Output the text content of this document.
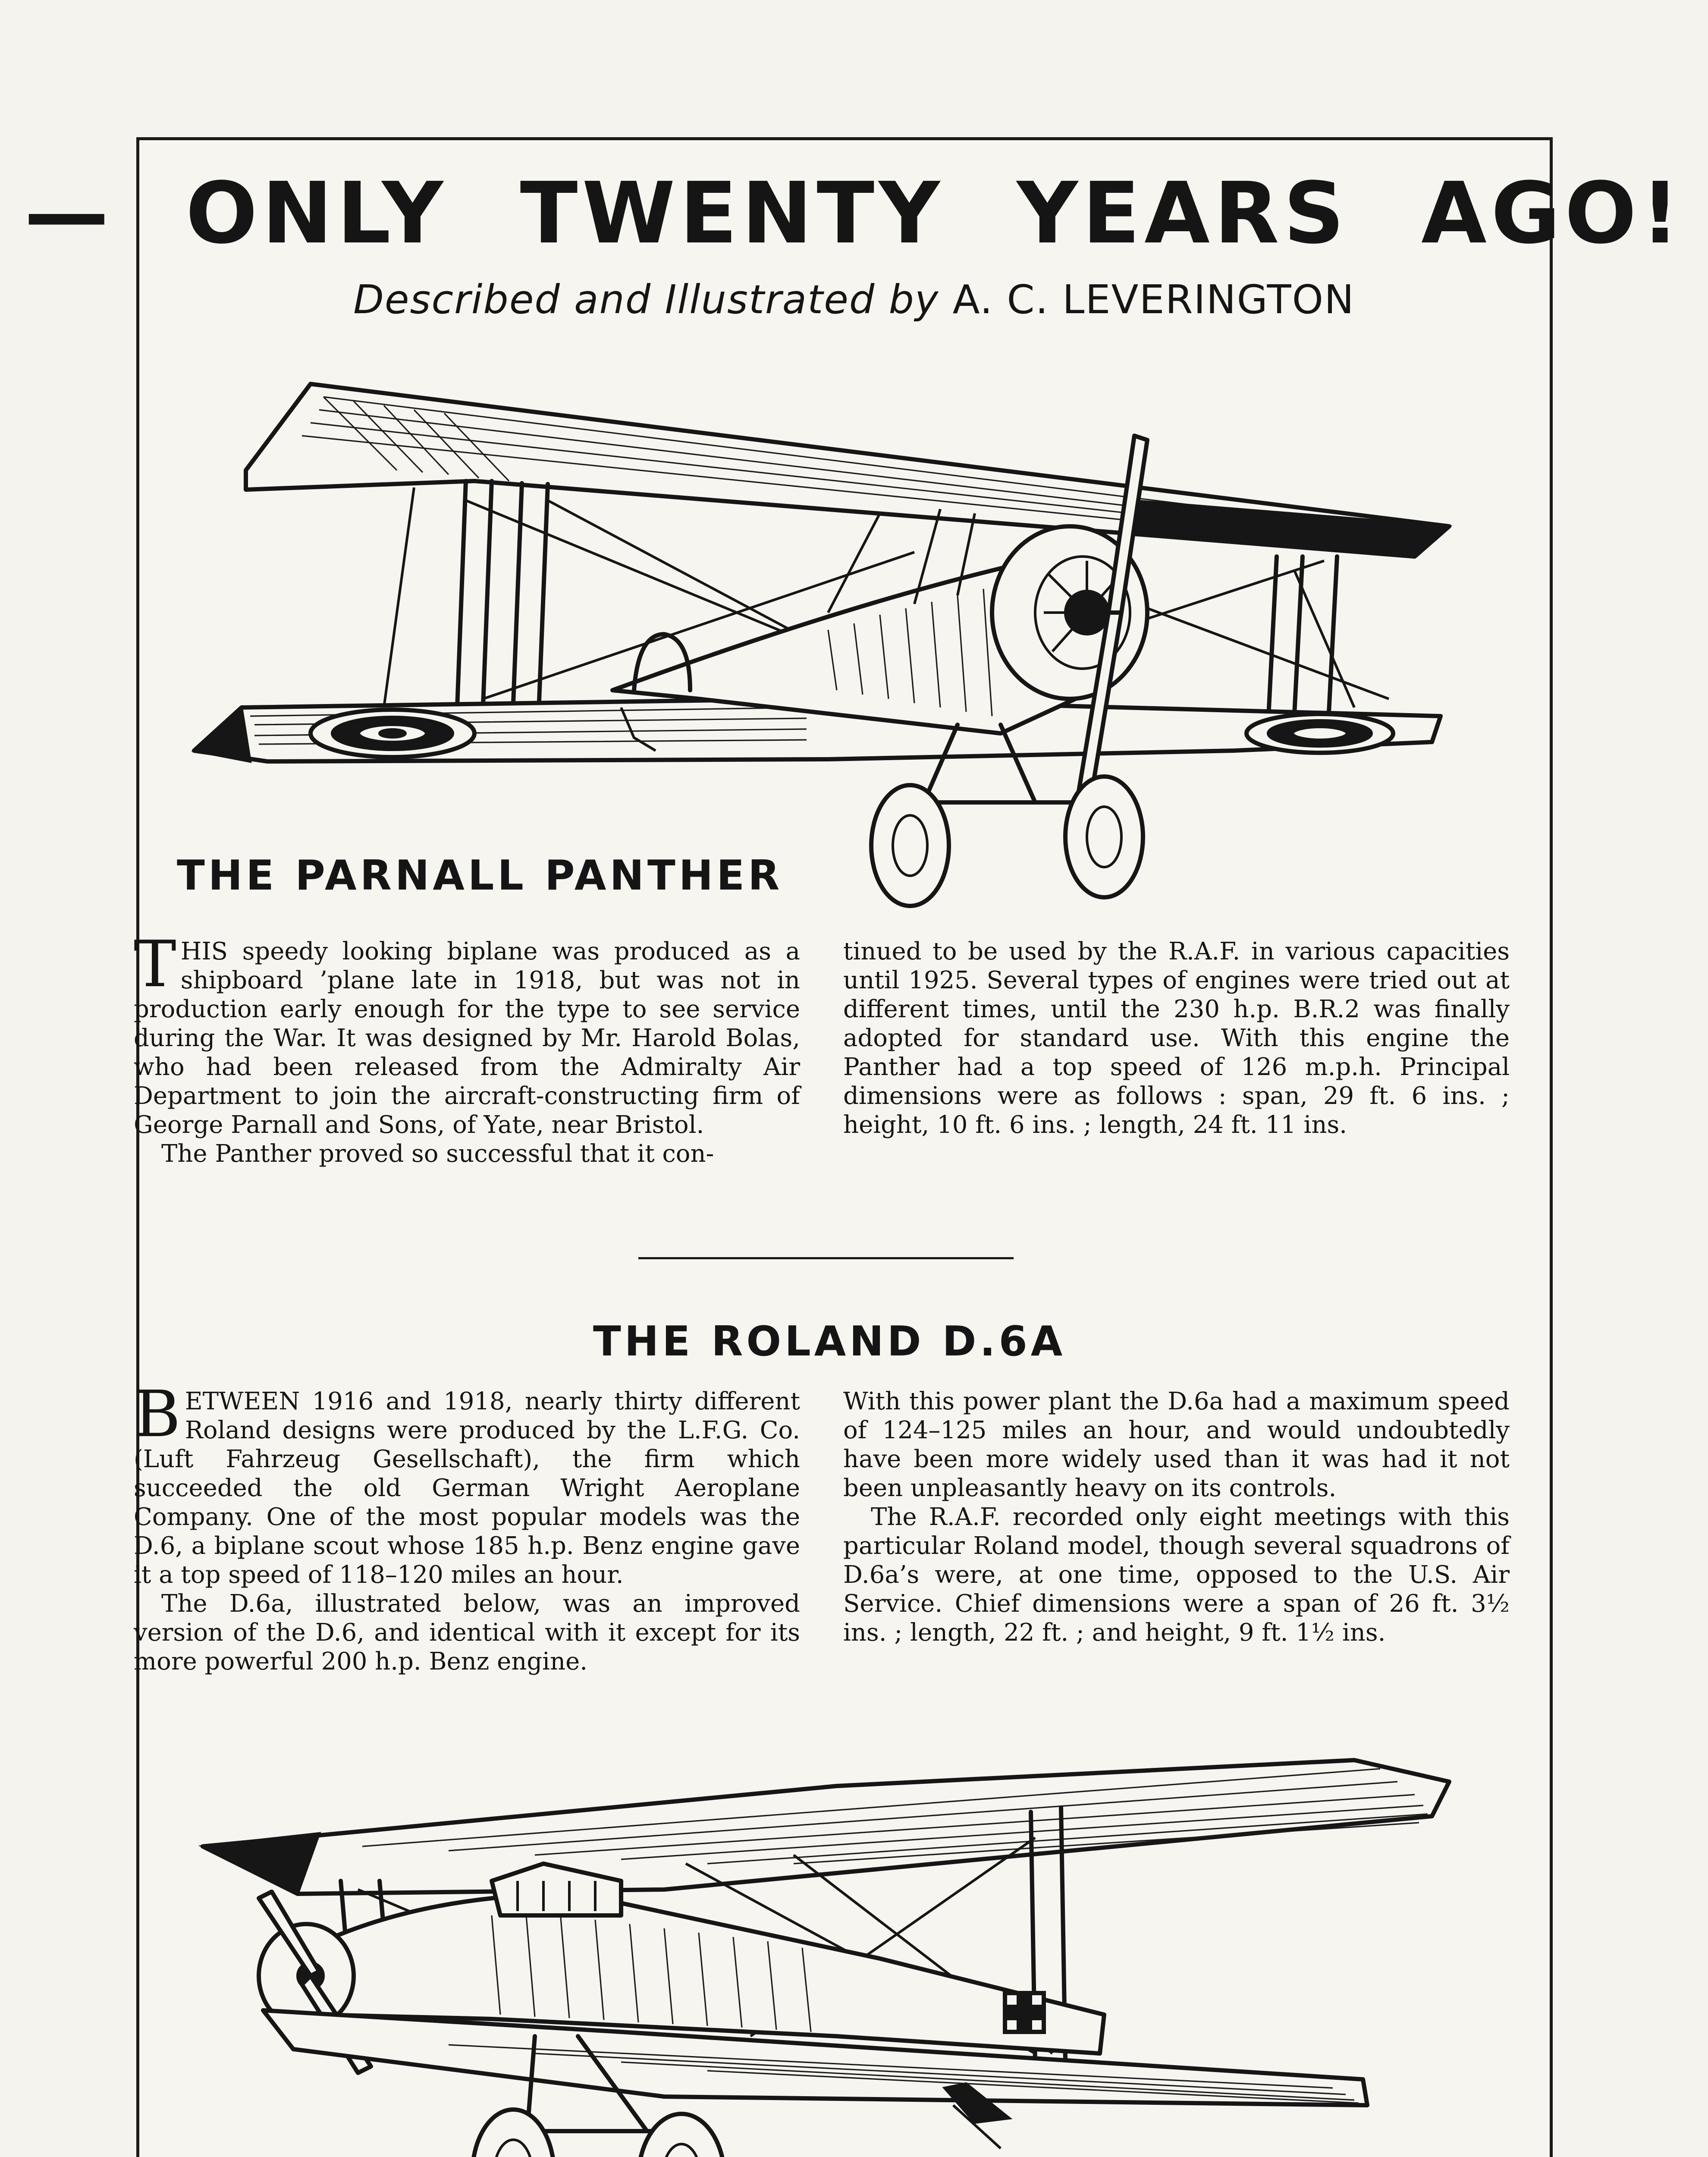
— ONLY TWENTY YEARS AGO!
Described and Illustrated by A. C. LEVERINGTON
THE PARNALL PANTHER

THIS speedy looking biplane was produced as a shipboard ’plane late in 1918, but was not in production early enough for the type to see service during the War. It was designed by Mr. Harold Bolas, who had been released from the Admiralty Air Department to join the aircraft-constructing firm of George Parnall and Sons, of Yate, near Bristol.

The Panther proved so successful that it con-

tinued to be used by the R.A.F. in various capacities until 1925. Several types of engines were tried out at different times, until the 230 h.p. B.R.2 was finally adopted for standard use. With this engine the Panther had a top speed of 126 m.p.h. Principal dimensions were as follows : span, 29 ft. 6 ins. ; height, 10 ft. 6 ins. ; length, 24 ft. 11 ins.

THE ROLAND D.6A

BETWEEN 1916 and 1918, nearly thirty different Roland designs were produced by the L.F.G. Co. (Luft Fahrzeug Gesellschaft), the firm which succeeded the old German Wright Aeroplane Company. One of the most popular models was the D.6, a biplane scout whose 185 h.p. Benz engine gave it a top speed of 118–120 miles an hour.

The D.6a, illustrated below, was an improved version of the D.6, and identical with it except for its more powerful 200 h.p. Benz engine.

With this power plant the D.6a had a maximum speed of 124–125 miles an hour, and would undoubtedly have been more widely used than it was had it not been unpleasantly heavy on its controls.

The R.A.F. recorded only eight meetings with this particular Roland model, though several squadrons of D.6a’s were, at one time, opposed to the U.S. Air Service. Chief dimensions were a span of 26 ft. 3½ ins. ; length, 22 ft. ; and height, 9 ft. 1½ ins.
